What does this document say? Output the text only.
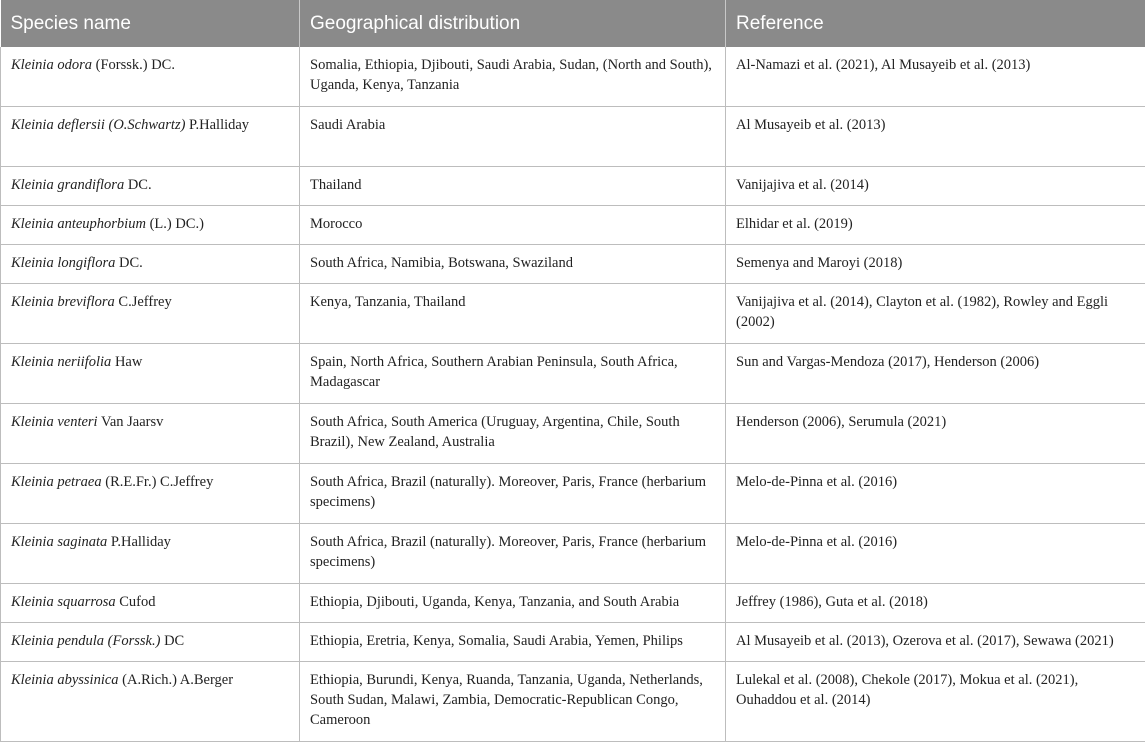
Species name	Geographical distribution	Reference
Kleinia odora (Forssk.) DC.	Somalia, Ethiopia, Djibouti, Saudi Arabia, Sudan, (North and South), Uganda, Kenya, Tanzania	Al-Namazi et al. (2021), Al Musayeib et al. (2013)
Kleinia deflersii (O.Schwartz) P.Halliday	Saudi Arabia	Al Musayeib et al. (2013)
Kleinia grandiflora DC.	Thailand	Vanijajiva et al. (2014)
Kleinia anteuphorbium (L.) DC.)	Morocco	Elhidar et al. (2019)
Kleinia longiflora DC.	South Africa, Namibia, Botswana, Swaziland	Semenya and Maroyi (2018)
Kleinia breviflora C.Jeffrey	Kenya, Tanzania, Thailand	Vanijajiva et al. (2014), Clayton et al. (1982), Rowley and Eggli (2002)
Kleinia neriifolia Haw	Spain, North Africa, Southern Arabian Peninsula, South Africa, Madagascar	Sun and Vargas-Mendoza (2017), Henderson (2006)
Kleinia venteri Van Jaarsv	South Africa, South America (Uruguay, Argentina, Chile, South Brazil), New Zealand, Australia	Henderson (2006), Serumula (2021)
Kleinia petraea (R.E.Fr.) C.Jeffrey	South Africa, Brazil (naturally). Moreover, Paris, France (herbarium specimens)	Melo-de-Pinna et al. (2016)
Kleinia saginata P.Halliday	South Africa, Brazil (naturally). Moreover, Paris, France (herbarium specimens)	Melo-de-Pinna et al. (2016)
Kleinia squarrosa Cufod	Ethiopia, Djibouti, Uganda, Kenya, Tanzania, and South Arabia	Jeffrey (1986), Guta et al. (2018)
Kleinia pendula (Forssk.) DC	Ethiopia, Eretria, Kenya, Somalia, Saudi Arabia, Yemen, Philips	Al Musayeib et al. (2013), Ozerova et al. (2017), Sewawa (2021)
Kleinia abyssinica (A.Rich.) A.Berger	Ethiopia, Burundi, Kenya, Ruanda, Tanzania, Uganda, Netherlands, South Sudan, Malawi, Zambia, Democratic-Republican Congo, Cameroon	Lulekal et al. (2008), Chekole (2017), Mokua et al. (2021), Ouhaddou et al. (2014)
